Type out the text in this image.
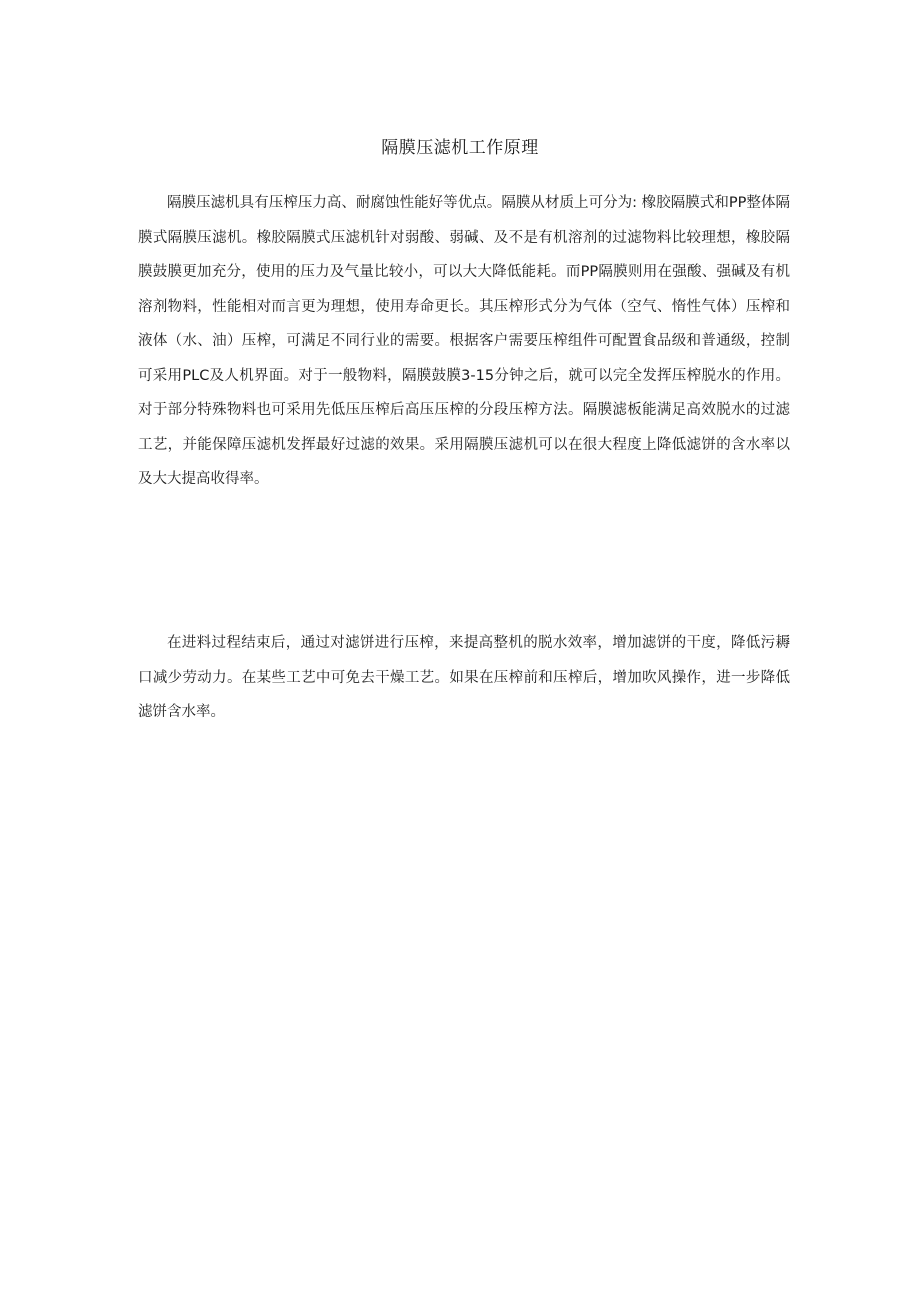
隔膜压滤机工作原理

隔膜压滤机具有压榨压力高、耐腐蚀性能好等优点。隔膜从材质上可分为: 橡胶隔膜式和PP整体隔膜式隔膜压滤机。橡胶隔膜式压滤机针对弱酸、弱碱、及不是有机溶剂的过滤物料比较理想，橡胶隔膜鼓膜更加充分，使用的压力及气量比较小，可以大大降低能耗。而PP隔膜则用在强酸、强碱及有机溶剂物料，性能相对而言更为理想，使用寿命更长。其压榨形式分为气体（空气、惰性气体）压榨和液体（水、油）压榨，可满足不同行业的需要。根据客户需要压榨组件可配置食品级和普通级，控制可采用PLC及人机界面。对于一般物料，隔膜鼓膜3-15分钟之后，就可以完全发挥压榨脱水的作用。对于部分特殊物料也可采用先低压压榨后高压压榨的分段压榨方法。隔膜滤板能满足高效脱水的过滤工艺，并能保障压滤机发挥最好过滤的效果。采用隔膜压滤机可以在很大程度上降低滤饼的含水率以及大大提高收得率。

在进料过程结束后，通过对滤饼进行压榨，来提高整机的脱水效率，增加滤饼的干度，降低污耨口减少劳动力。在某些工艺中可免去干燥工艺。如果在压榨前和压榨后，增加吹风操作，进一步降低滤饼含水率。
